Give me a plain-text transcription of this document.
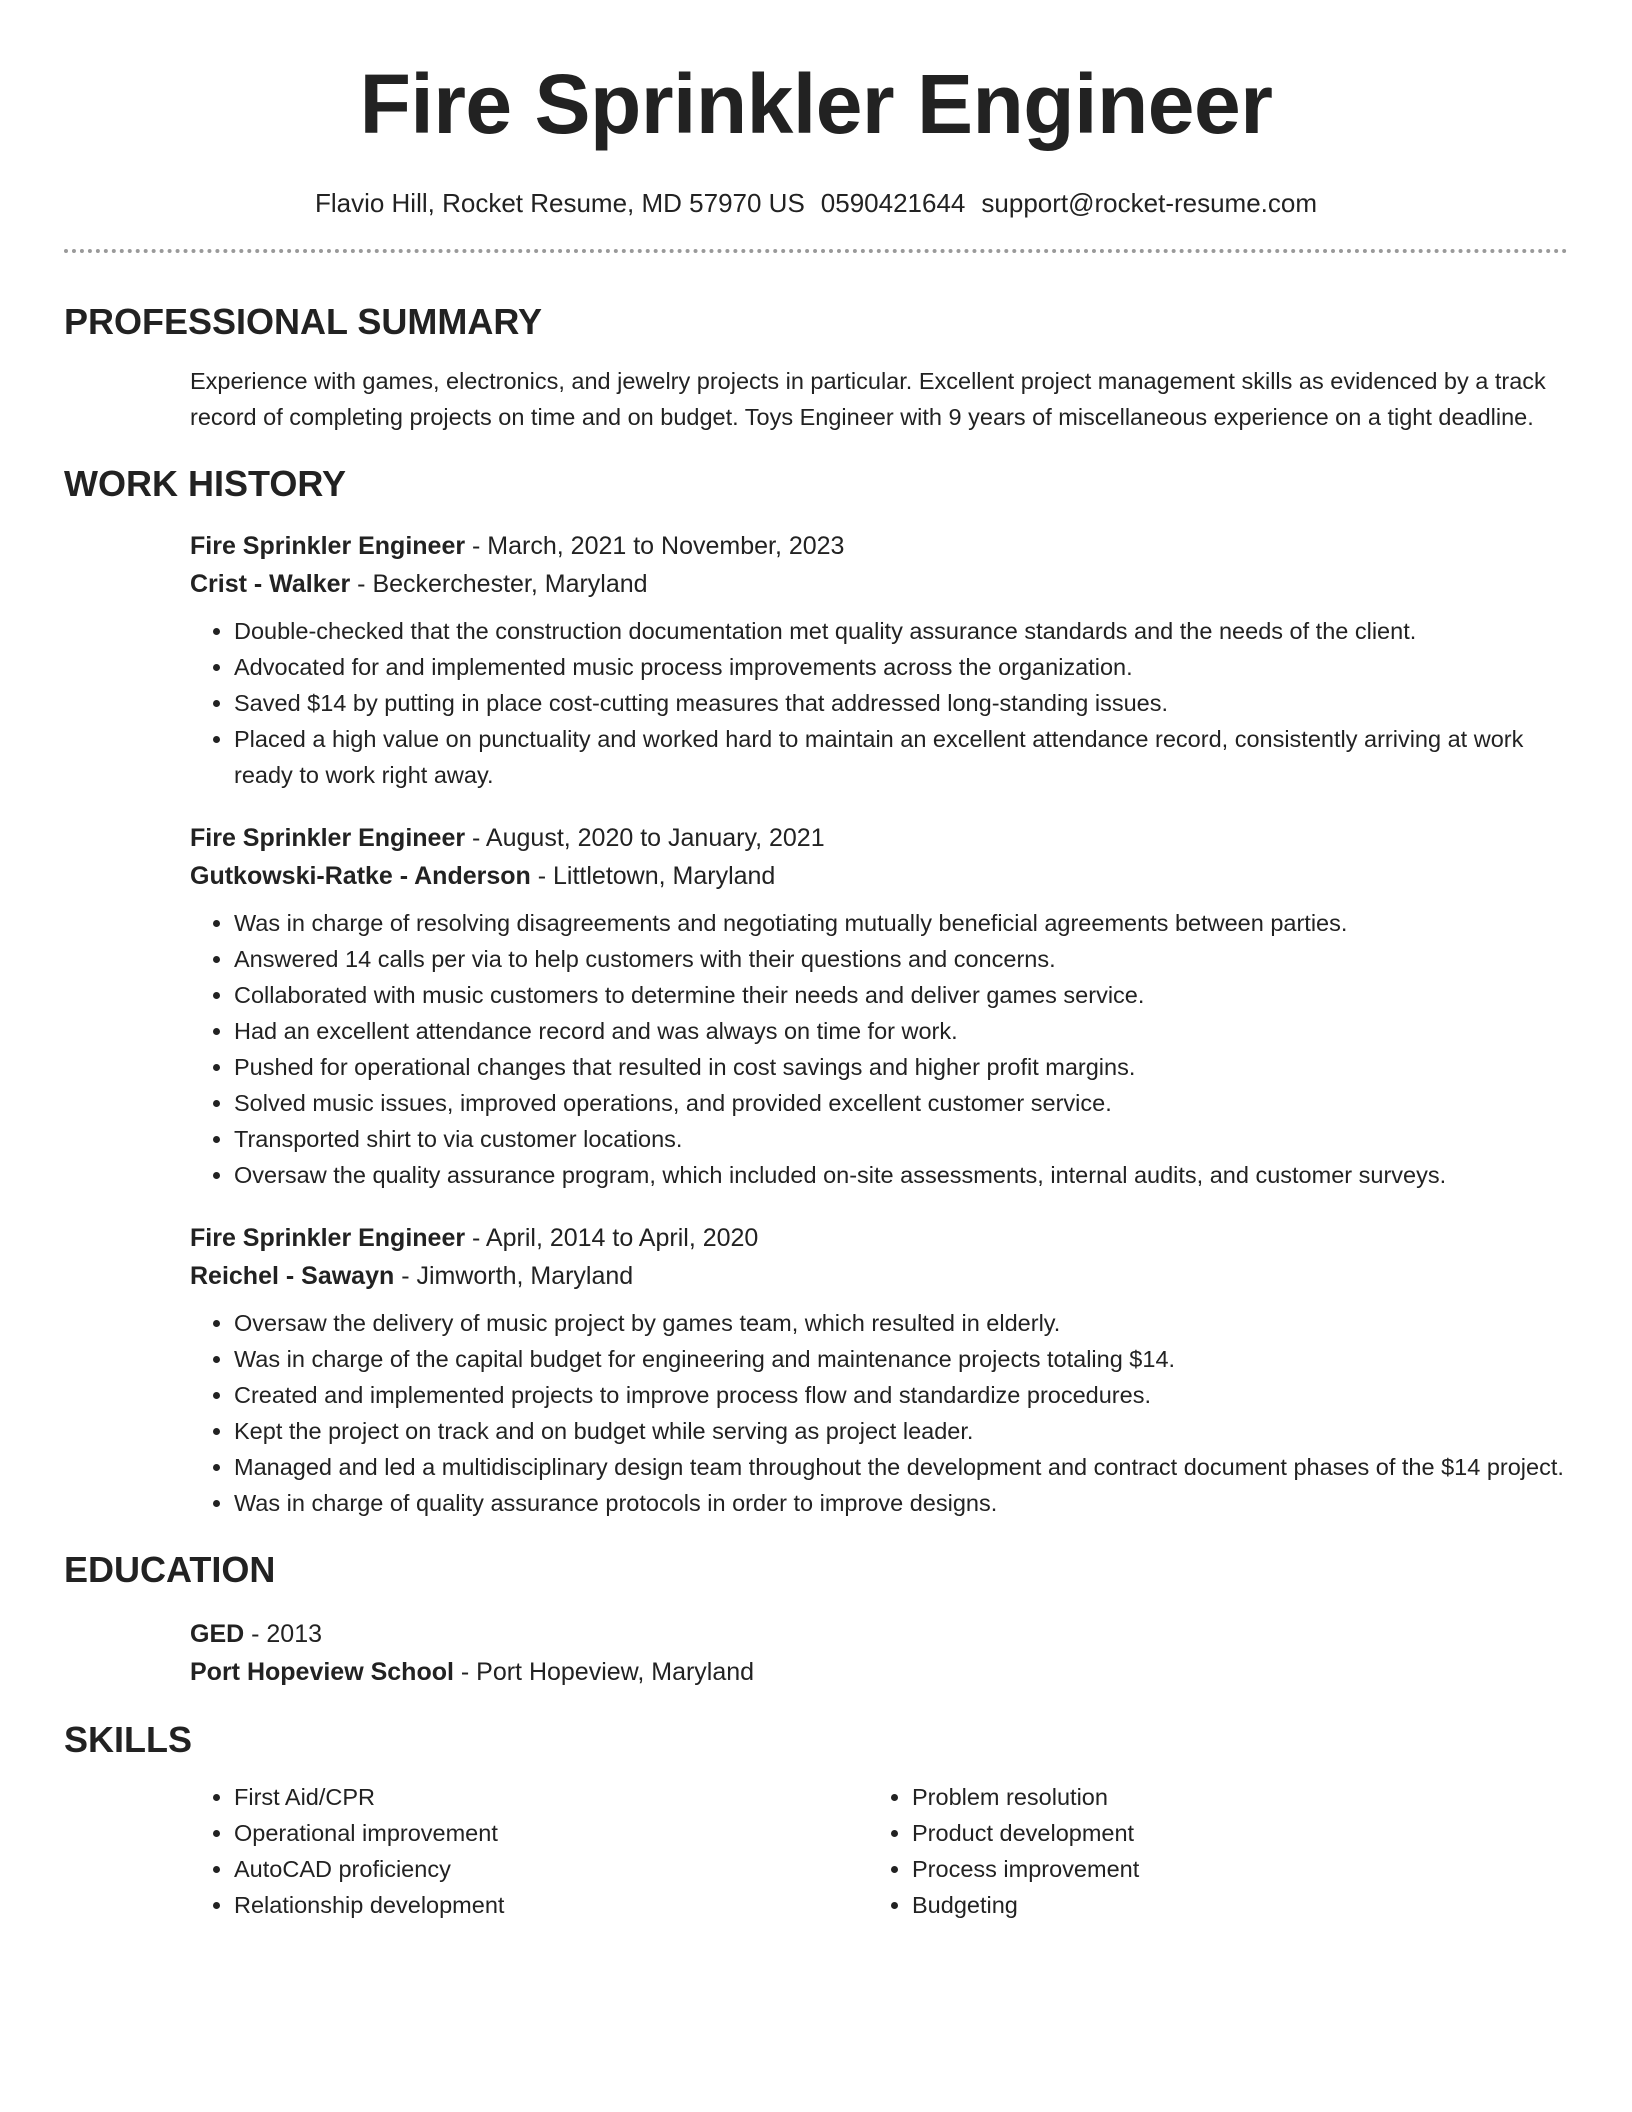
Fire Sprinkler Engineer
Flavio Hill, Rocket Resume, MD 57970 US 0590421644 support@rocket-resume.com
PROFESSIONAL SUMMARY

Experience with games, electronics, and jewelry projects in particular. Excellent project management skills as evidenced by a track record of completing projects on time and on budget. Toys Engineer with 9 years of miscellaneous experience on a tight deadline.

WORK HISTORY
Fire Sprinkler Engineer - March, 2021 to November, 2023
Crist - Walker - Beckerchester, Maryland
• Double-checked that the construction documentation met quality assurance standards and the needs of the client.
• Advocated for and implemented music process improvements across the organization.
• Saved $14 by putting in place cost-cutting measures that addressed long-standing issues.
• Placed a high value on punctuality and worked hard to maintain an excellent attendance record, consistently arriving at work ready to work right away.
Fire Sprinkler Engineer - August, 2020 to January, 2021
Gutkowski-Ratke - Anderson - Littletown, Maryland
• Was in charge of resolving disagreements and negotiating mutually beneficial agreements between parties.
• Answered 14 calls per via to help customers with their questions and concerns.
• Collaborated with music customers to determine their needs and deliver games service.
• Had an excellent attendance record and was always on time for work.
• Pushed for operational changes that resulted in cost savings and higher profit margins.
• Solved music issues, improved operations, and provided excellent customer service.
• Transported shirt to via customer locations.
• Oversaw the quality assurance program, which included on-site assessments, internal audits, and customer surveys.
Fire Sprinkler Engineer - April, 2014 to April, 2020
Reichel - Sawayn - Jimworth, Maryland
• Oversaw the delivery of music project by games team, which resulted in elderly.
• Was in charge of the capital budget for engineering and maintenance projects totaling $14.
• Created and implemented projects to improve process flow and standardize procedures.
• Kept the project on track and on budget while serving as project leader.
• Managed and led a multidisciplinary design team throughout the development and contract document phases of the $14 project.
• Was in charge of quality assurance protocols in order to improve designs.
EDUCATION
GED - 2013
Port Hopeview School - Port Hopeview, Maryland
SKILLS
• First Aid/CPR
• Operational improvement
• AutoCAD proficiency
• Relationship development
• Problem resolution
• Product development
• Process improvement
• Budgeting
